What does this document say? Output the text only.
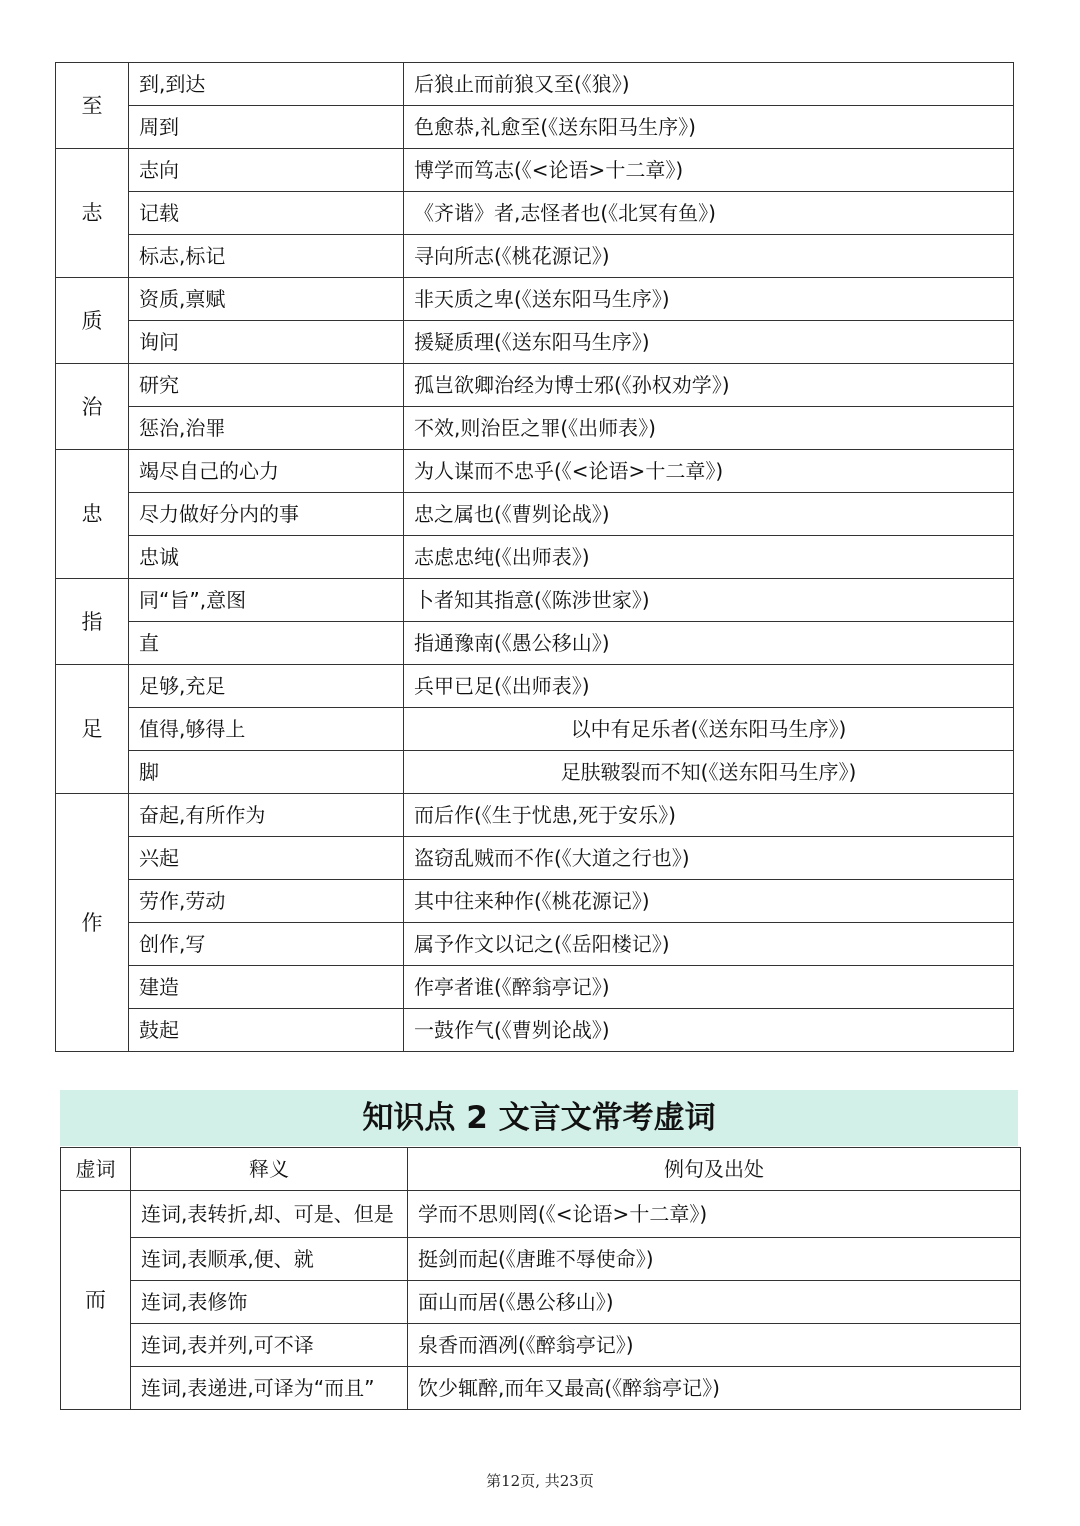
至	到,到达	后狼止而前狼又至(《狼》)
	周到	色愈恭,礼愈至(《送东阳马生序》)
志	志向	博学而笃志(《<论语>十二章》)
	记载	《齐谐》者,志怪者也(《北冥有鱼》)
	标志,标记	寻向所志(《桃花源记》)
质	资质,禀赋	非天质之卑(《送东阳马生序》)
	询问	援疑质理(《送东阳马生序》)
治	研究	孤岂欲卿治经为博士邪(《孙权劝学》)
	惩治,治罪	不效,则治臣之罪(《出师表》)
忠	竭尽自己的心力	为人谋而不忠乎(《<论语>十二章》)
	尽力做好分内的事	忠之属也(《曹刿论战》)
	忠诚	志虑忠纯(《出师表》)
指	同“旨”,意图	卜者知其指意(《陈涉世家》)
	直	指通豫南(《愚公移山》)
足	足够,充足	兵甲已足(《出师表》)
	值得,够得上	以中有足乐者(《送东阳马生序》)
	脚	足肤皲裂而不知(《送东阳马生序》)
作	奋起,有所作为	而后作(《生于忧患,死于安乐》)
	兴起	盗窃乱贼而不作(《大道之行也》)
	劳作,劳动	其中往来种作(《桃花源记》)
	创作,写	属予作文以记之(《岳阳楼记》)
	建造	作亭者谁(《醉翁亭记》)
	鼓起	一鼓作气(《曹刿论战》)
知识点 2 文言文常考虚词
虚词	释义	例句及出处
而	连词,表转折,却、可是、但是	学而不思则罔(《<论语>十二章》)
	连词,表顺承,便、就	挺剑而起(《唐雎不辱使命》)
	连词,表修饰	面山而居(《愚公移山》)
	连词,表并列,可不译	泉香而酒冽(《醉翁亭记》)
	连词,表递进,可译为“而且”	饮少辄醉,而年又最高(《醉翁亭记》)
第12页, 共23页
